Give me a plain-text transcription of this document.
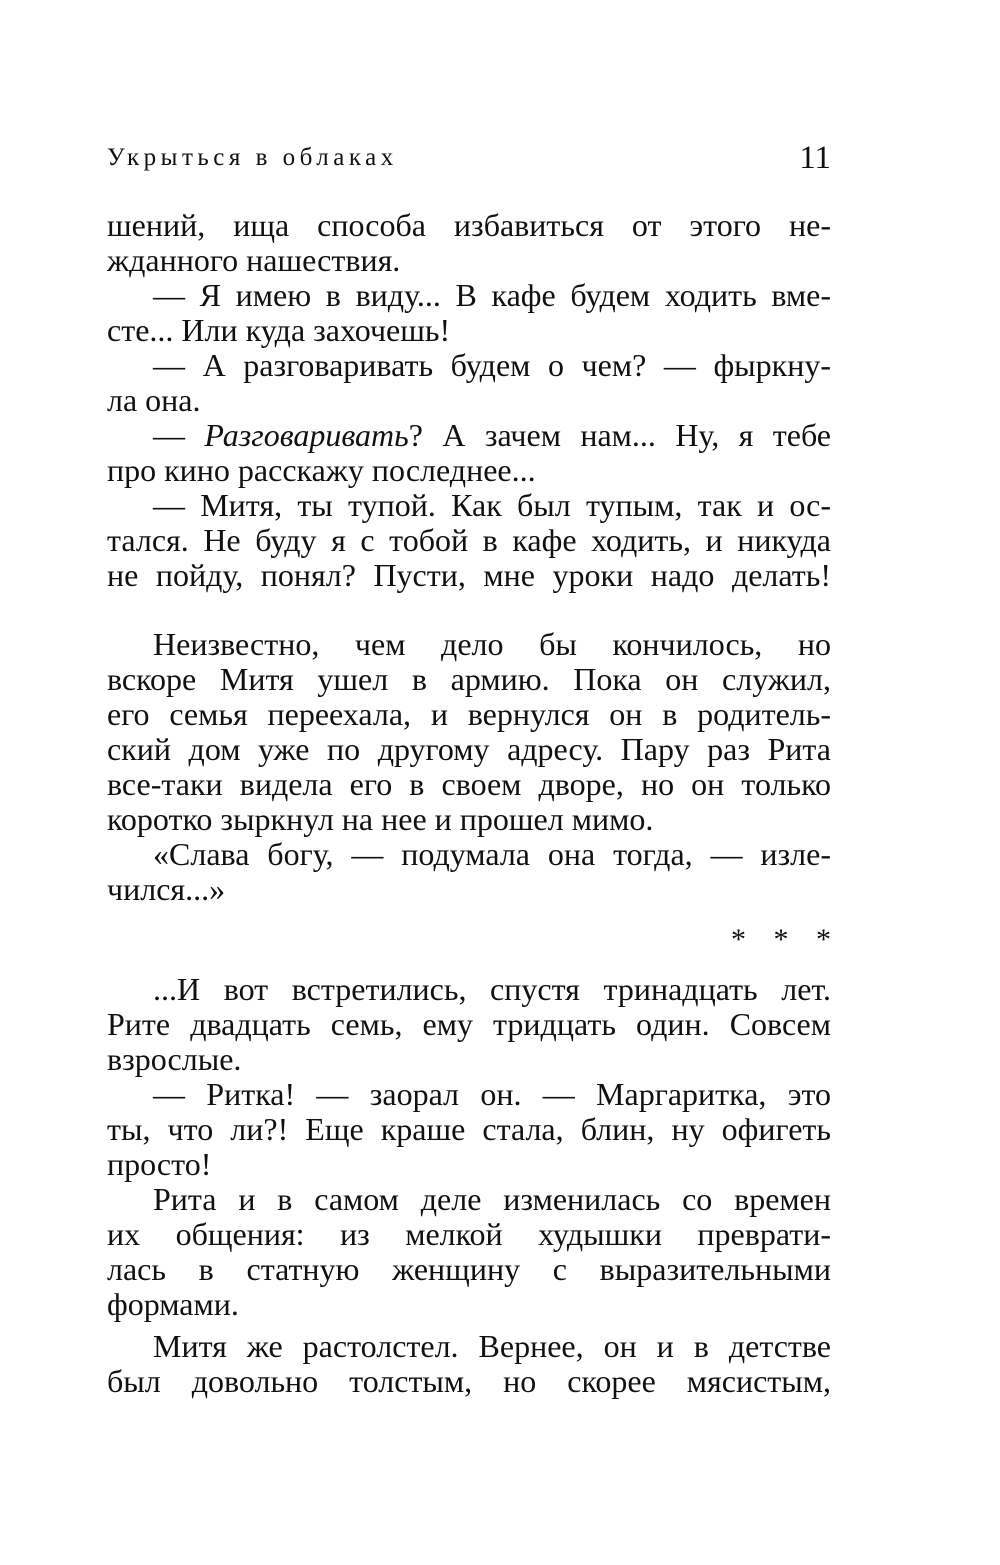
Укрыться в облаках	11
шений, ища способа избавиться от этого не-
жданного нашествия.
— Я имею в виду... В кафе будем ходить вме-
сте... Или куда захочешь!
— А разговаривать будем о чем? — фыркну-
ла она.
— Разговаривать? А зачем нам... Ну, я тебе
про кино расскажу последнее...
— Митя, ты тупой. Как был тупым, так и ос-
тался. Не буду я с тобой в кафе ходить, и никуда
не пойду, понял? Пусти, мне уроки надо делать!
Неизвестно, чем дело бы кончилось, но
вскоре Митя ушел в армию. Пока он служил,
его семья переехала, и вернулся он в родитель-
ский дом уже по другому адресу. Пару раз Рита
все-таки видела его в своем дворе, но он только
коротко зыркнул на нее и прошел мимо.
«Слава богу, — подумала она тогда, — изле-
чился...»
* * *
...И вот встретились, спустя тринадцать лет.
Рите двадцать семь, ему тридцать один. Совсем
взрослые.
— Ритка! — заорал он. — Маргаритка, это
ты, что ли?! Еще краше стала, блин, ну офигеть
просто!
Рита и в самом деле изменилась со времен
их общения: из мелкой худышки преврати-
лась в статную женщину с выразительными
формами.
Митя же растолстел. Вернее, он и в детстве
был довольно толстым, но скорее мясистым,
